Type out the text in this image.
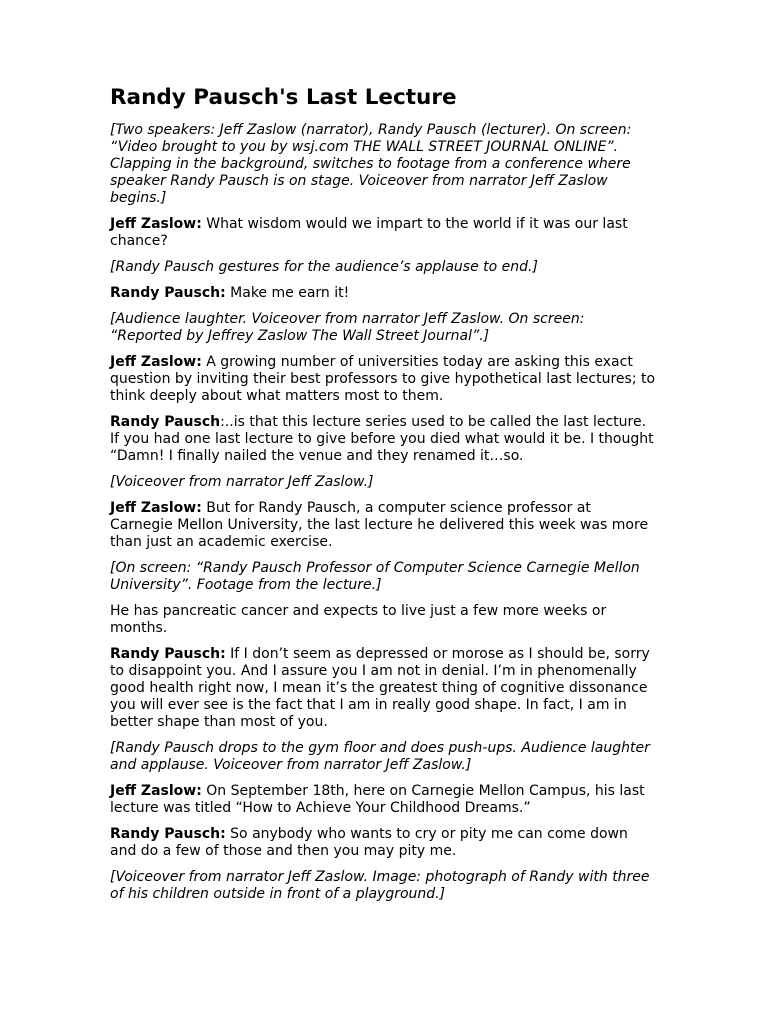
Randy Pausch's Last Lecture

[Two speakers: Jeff Zaslow (narrator), Randy Pausch (lecturer). On screen: “Video brought to you by wsj.com THE WALL STREET JOURNAL ONLINE”. Clapping in the background, switches to footage from a conference where speaker Randy Pausch is on stage. Voiceover from narrator Jeff Zaslow begins.]

Jeff Zaslow: What wisdom would we impart to the world if it was our last chance?

[Randy Pausch gestures for the audience’s applause to end.]

Randy Pausch: Make me earn it!

[Audience laughter. Voiceover from narrator Jeff Zaslow. On screen: “Reported by Jeffrey Zaslow The Wall Street Journal”.]

Jeff Zaslow: A growing number of universities today are asking this exact question by inviting their best professors to give hypothetical last lectures; to think deeply about what matters most to them.

Randy Pausch:..is that this lecture series used to be called the last lecture. If you had one last lecture to give before you died what would it be. I thought “Damn! I finally nailed the venue and they renamed it…so.

[Voiceover from narrator Jeff Zaslow.]

Jeff Zaslow: But for Randy Pausch, a computer science professor at Carnegie Mellon University, the last lecture he delivered this week was more than just an academic exercise.

[On screen: “Randy Pausch Professor of Computer Science Carnegie Mellon University”. Footage from the lecture.]

He has pancreatic cancer and expects to live just a few more weeks or months.

Randy Pausch: If I don’t seem as depressed or morose as I should be, sorry to disappoint you. And I assure you I am not in denial. I’m in phenomenally good health right now, I mean it’s the greatest thing of cognitive dissonance you will ever see is the fact that I am in really good shape. In fact, I am in better shape than most of you.

[Randy Pausch drops to the gym floor and does push-ups. Audience laughter and applause. Voiceover from narrator Jeff Zaslow.]

Jeff Zaslow: On September 18th, here on Carnegie Mellon Campus, his last lecture was titled “How to Achieve Your Childhood Dreams.”

Randy Pausch: So anybody who wants to cry or pity me can come down and do a few of those and then you may pity me.

[Voiceover from narrator Jeff Zaslow. Image: photograph of Randy with three of his children outside in front of a playground.]
